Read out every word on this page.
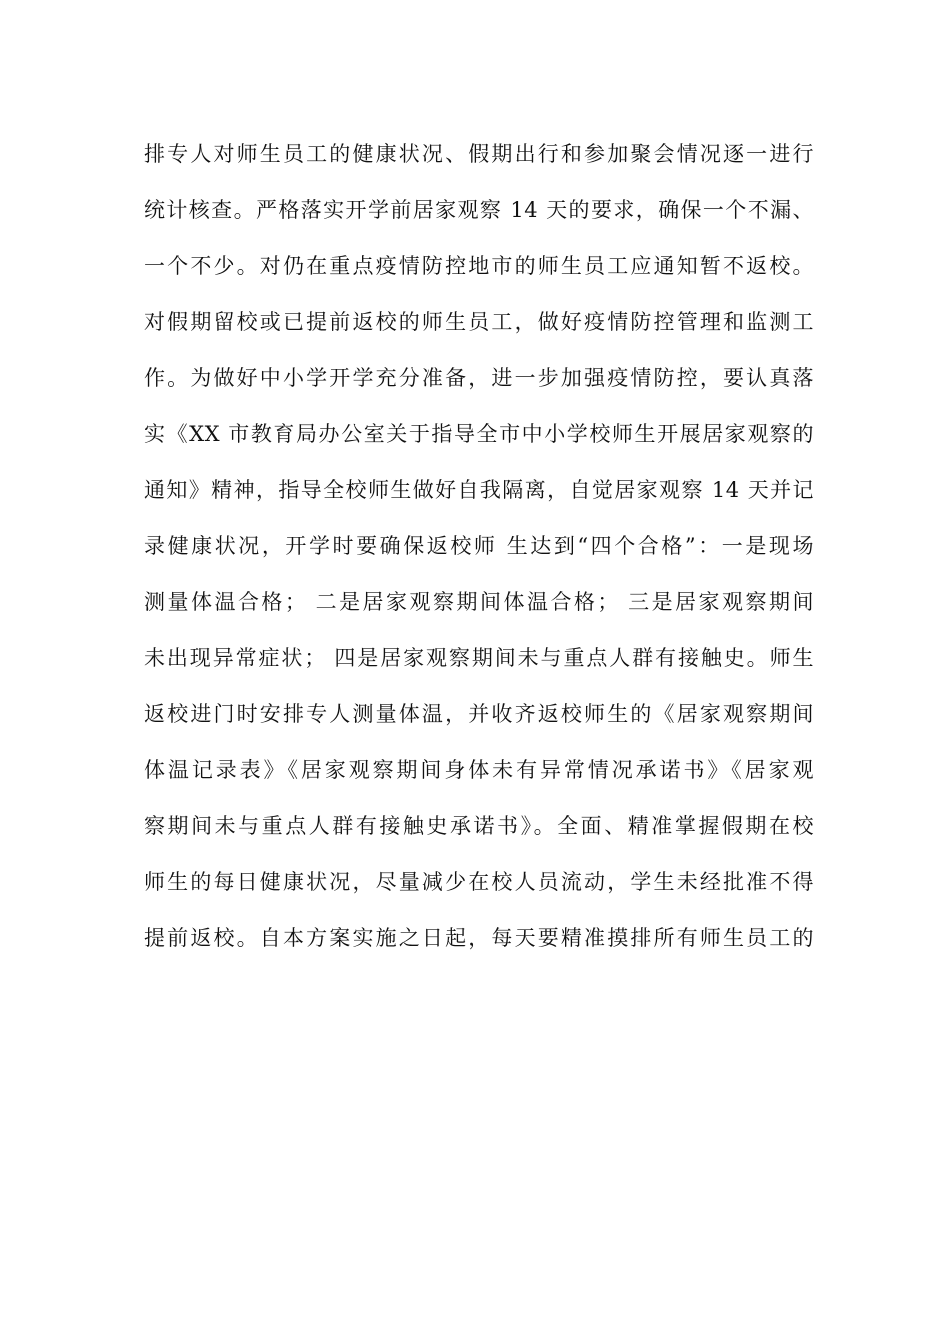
排专人对师生员工的健康状况、假期出行和参加聚会情况逐一进行
统计核查。严格落实开学前居家观察 14 天的要求，确保一个不漏、
一个不少。对仍在重点疫情防控地市的师生员工应通知暂不返校。
对假期留校或已提前返校的师生员工，做好疫情防控管理和监测工
作。为做好中小学开学充分准备，进一步加强疫情防控，要认真落
实《XX 市教育局办公室关于指导全市中小学校师生开展居家观察的
通知》精神，指导全校师生做好自我隔离，自觉居家观察 14 天并记
录健康状况，开学时要确保返校师 生达到“四个合格”：一是现场
测量体温合格； 二是居家观察期间体温合格； 三是居家观察期间
未出现异常症状； 四是居家观察期间未与重点人群有接触史。师生
返校进门时安排专人测量体温，并收齐返校师生的《居家观察期间
体温记录表》《居家观察期间身体未有异常情况承诺书》《居家观
察期间未与重点人群有接触史承诺书》。全面、精准掌握假期在校
师生的每日健康状况，尽量减少在校人员流动，学生未经批准不得
提前返校。自本方案实施之日起，每天要精准摸排所有师生员工的
